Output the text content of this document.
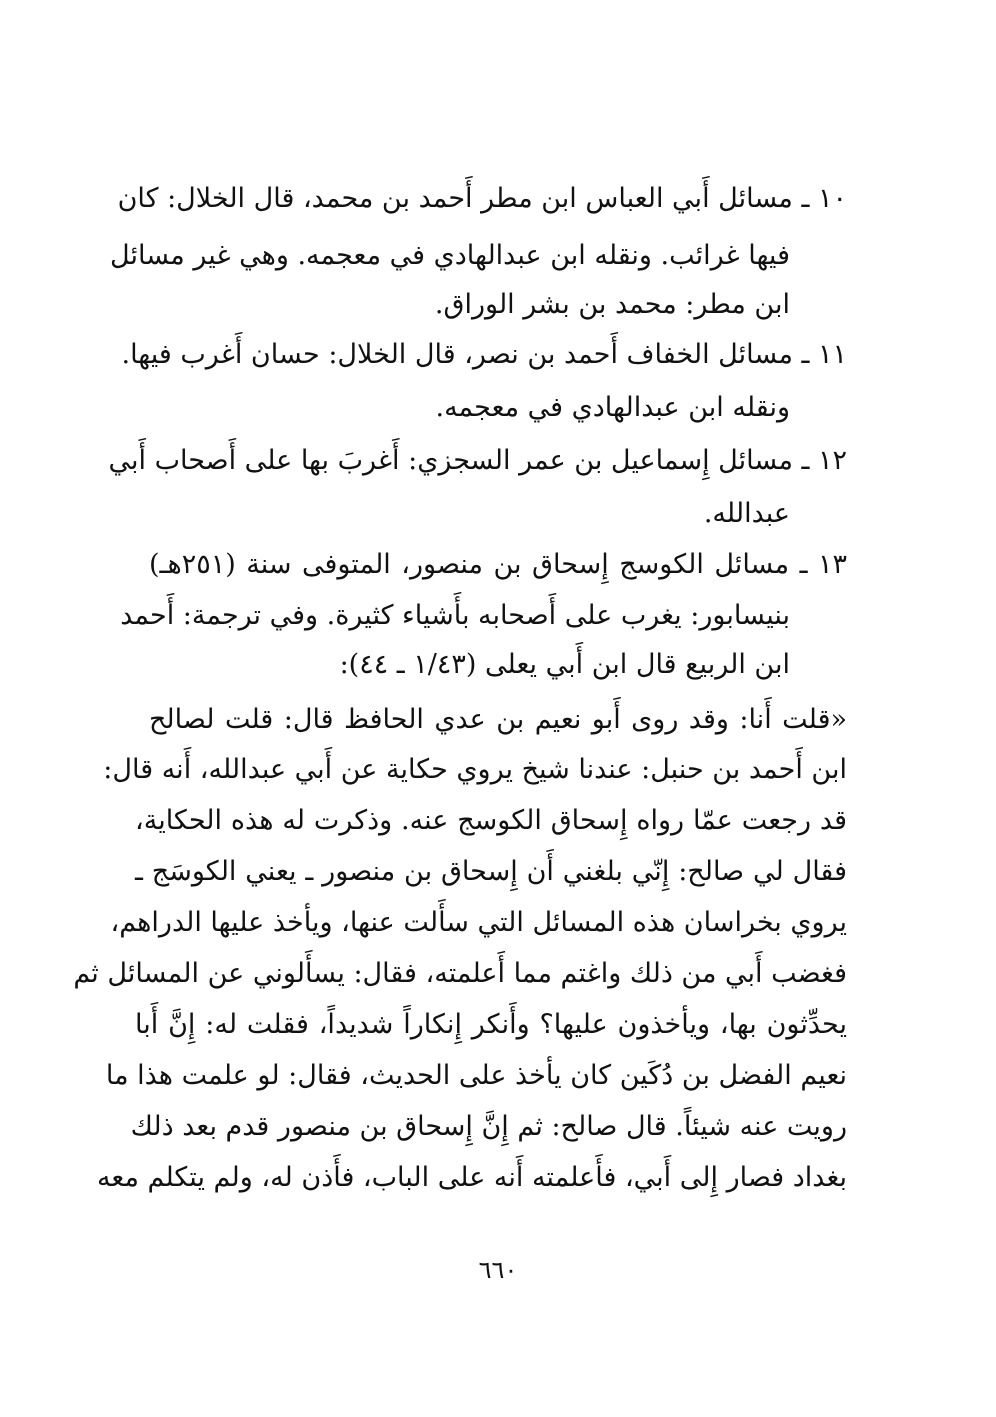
١٠ ـ مسائل أَبي العباس ابن مطر أَحمد بن محمد، قال الخلال: كان
فيها غرائب. ونقله ابن عبدالهادي في معجمه. وهي غير مسائل
ابن مطر: محمد بن بشر الوراق.
١١ ـ مسائل الخفاف أَحمد بن نصر، قال الخلال: حسان أَغرب فيها.
ونقله ابن عبدالهادي في معجمه.
١٢ ـ مسائل إِسماعيل بن عمر السجزي: أَغربَ بها على أَصحاب أَبي
عبدالله.
١٣ ـ مسائل الكوسج إِسحاق بن منصور، المتوفى سنة (٢٥١هـ)
بنيسابور: يغرب على أَصحابه بأَشياء كثيرة. وفي ترجمة: أَحمد
ابن الربيع قال ابن أَبي يعلى (١/٤٣ ـ ٤٤):
«قلت أَنا: وقد روى أَبو نعيم بن عدي الحافظ قال: قلت لصالح
ابن أَحمد بن حنبل: عندنا شيخ يروي حكاية عن أَبي عبدالله، أَنه قال:
قد رجعت عمّا رواه إِسحاق الكوسج عنه. وذكرت له هذه الحكاية،
فقال لي صالح: إِنّي بلغني أَن إِسحاق بن منصور ـ يعني الكوسَج ـ
يروي بخراسان هذه المسائل التي سأَلت عنها، ويأخذ عليها الدراهم،
فغضب أَبي من ذلك واغتم مما أَعلمته، فقال: يسأَلوني عن المسائل ثم
يحدِّثون بها، ويأخذون عليها؟ وأَنكر إِنكاراً شديداً، فقلت له: إِنَّ أَبا
نعيم الفضل بن دُكَين كان يأخذ على الحديث، فقال: لو علمت هذا ما
رويت عنه شيئاً. قال صالح: ثم إِنَّ إِسحاق بن منصور قدم بعد ذلك
بغداد فصار إِلى أَبي، فأَعلمته أَنه على الباب، فأَذن له، ولم يتكلم معه
٦٦٠
